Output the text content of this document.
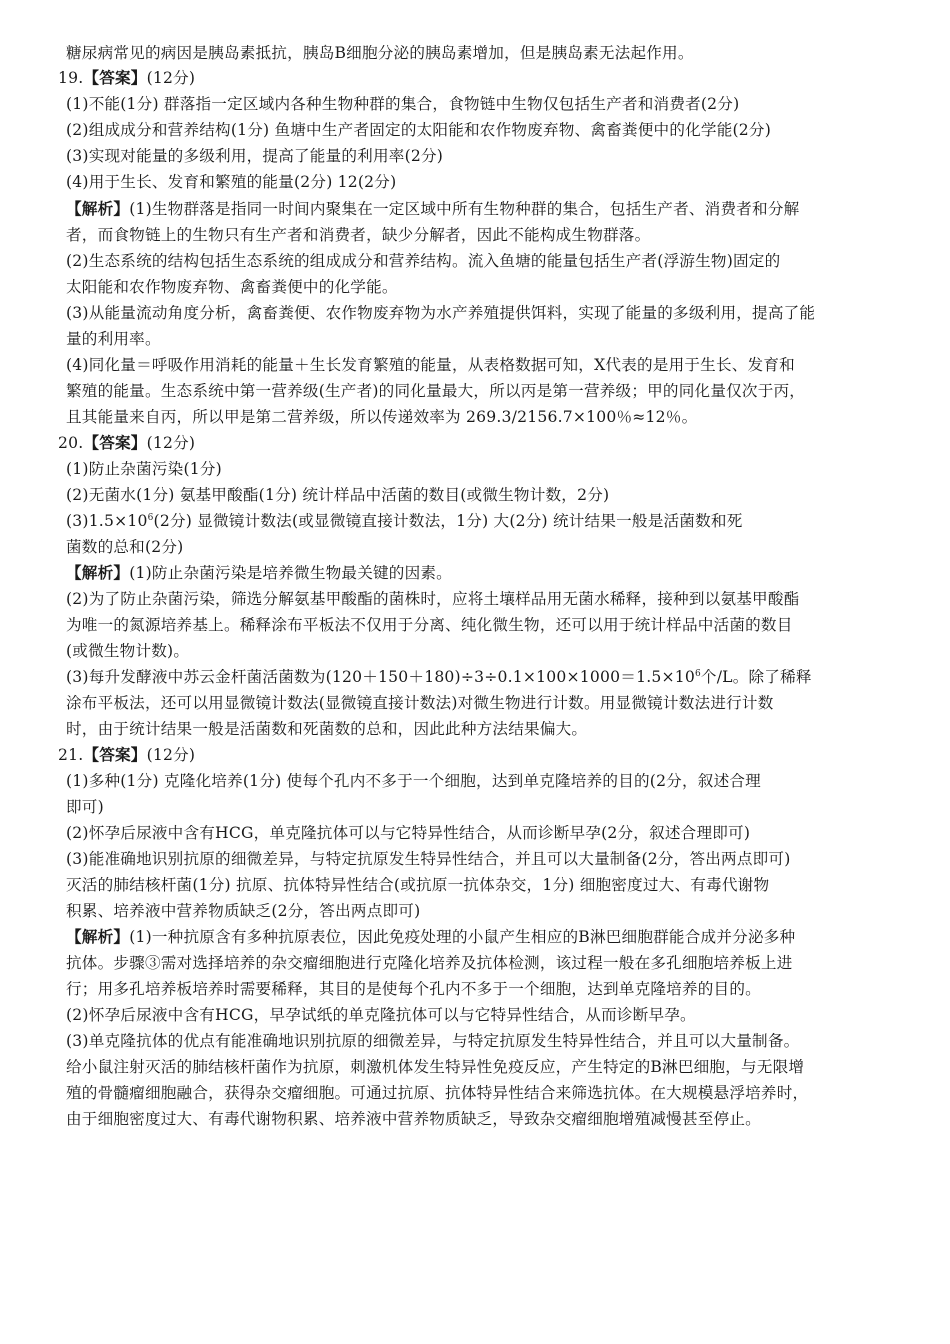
糖尿病常见的病因是胰岛素抵抗，胰岛B细胞分泌的胰岛素增加，但是胰岛素无法起作用。
19.【答案】(12分)
(1)不能(1分) 群落指一定区域内各种生物种群的集合，食物链中生物仅包括生产者和消费者(2分)
(2)组成成分和营养结构(1分) 鱼塘中生产者固定的太阳能和农作物废弃物、禽畜粪便中的化学能(2分)
(3)实现对能量的多级利用，提高了能量的利用率(2分)
(4)用于生长、发育和繁殖的能量(2分) 12(2分)
【解析】(1)生物群落是指同一时间内聚集在一定区域中所有生物种群的集合，包括生产者、消费者和分解
者，而食物链上的生物只有生产者和消费者，缺少分解者，因此不能构成生物群落。
(2)生态系统的结构包括生态系统的组成成分和营养结构。流入鱼塘的能量包括生产者(浮游生物)固定的
太阳能和农作物废弃物、禽畜粪便中的化学能。
(3)从能量流动角度分析，禽畜粪便、农作物废弃物为水产养殖提供饵料，实现了能量的多级利用，提高了能
量的利用率。
(4)同化量＝呼吸作用消耗的能量＋生长发育繁殖的能量，从表格数据可知，X代表的是用于生长、发育和
繁殖的能量。生态系统中第一营养级(生产者)的同化量最大，所以丙是第一营养级；甲的同化量仅次于丙，
且其能量来自丙，所以甲是第二营养级，所以传递效率为 269.3/2156.7×100％≈12％。
20.【答案】(12分)
(1)防止杂菌污染(1分)
(2)无菌水(1分) 氨基甲酸酯(1分) 统计样品中活菌的数目(或微生物计数，2分)
$(3)1.5\times 10^6(2$分) 显微镜计数法(或显微镜直接计数法，1分) 大(2分) 统计结果一般是活菌数和死
菌数的总和(2分)
【解析】(1)防止杂菌污染是培养微生物最关键的因素。
(2)为了防止杂菌污染，筛选分解氨基甲酸酯的菌株时，应将土壤样品用无菌水稀释，接种到以氨基甲酸酯
为唯一的氮源培养基上。稀释涂布平板法不仅用于分离、纯化微生物，还可以用于统计样品中活菌的数目
(或微生物计数)。
(3)每升发酵液中苏云金杆菌活菌数为$(120+150+180)\div 3\div 0.1\times 100\times 1000=1.5\times 10^6$个/L。除了稀释
涂布平板法，还可以用显微镜计数法(显微镜直接计数法)对微生物进行计数。用显微镜计数法进行计数
时，由于统计结果一般是活菌数和死菌数的总和，因此此种方法结果偏大。
21.【答案】(12分)
(1)多种(1分) 克隆化培养(1分) 使每个孔内不多于一个细胞，达到单克隆培养的目的(2分，叙述合理
即可)
(2)怀孕后尿液中含有HCG，单克隆抗体可以与它特异性结合，从而诊断早孕(2分，叙述合理即可)
(3)能准确地识别抗原的细微差异，与特定抗原发生特异性结合，并且可以大量制备(2分，答出两点即可)
灭活的肺结核杆菌(1分) 抗原、抗体特异性结合(或抗原一抗体杂交，1分) 细胞密度过大、有毒代谢物
积累、培养液中营养物质缺乏(2分，答出两点即可)
【解析】(1)一种抗原含有多种抗原表位，因此免疫处理的小鼠产生相应的B淋巴细胞群能合成并分泌多种
抗体。步骤③需对选择培养的杂交瘤细胞进行克隆化培养及抗体检测，该过程一般在多孔细胞培养板上进
行；用多孔培养板培养时需要稀释，其目的是使每个孔内不多于一个细胞，达到单克隆培养的目的。
(2)怀孕后尿液中含有HCG，早孕试纸的单克隆抗体可以与它特异性结合，从而诊断早孕。
(3)单克隆抗体的优点有能准确地识别抗原的细微差异，与特定抗原发生特异性结合，并且可以大量制备。
给小鼠注射灭活的肺结核杆菌作为抗原，刺激机体发生特异性免疫反应，产生特定的B淋巴细胞，与无限增
殖的骨髓瘤细胞融合，获得杂交瘤细胞。可通过抗原、抗体特异性结合来筛选抗体。在大规模悬浮培养时，
由于细胞密度过大、有毒代谢物积累、培养液中营养物质缺乏，导致杂交瘤细胞增殖减慢甚至停止。
